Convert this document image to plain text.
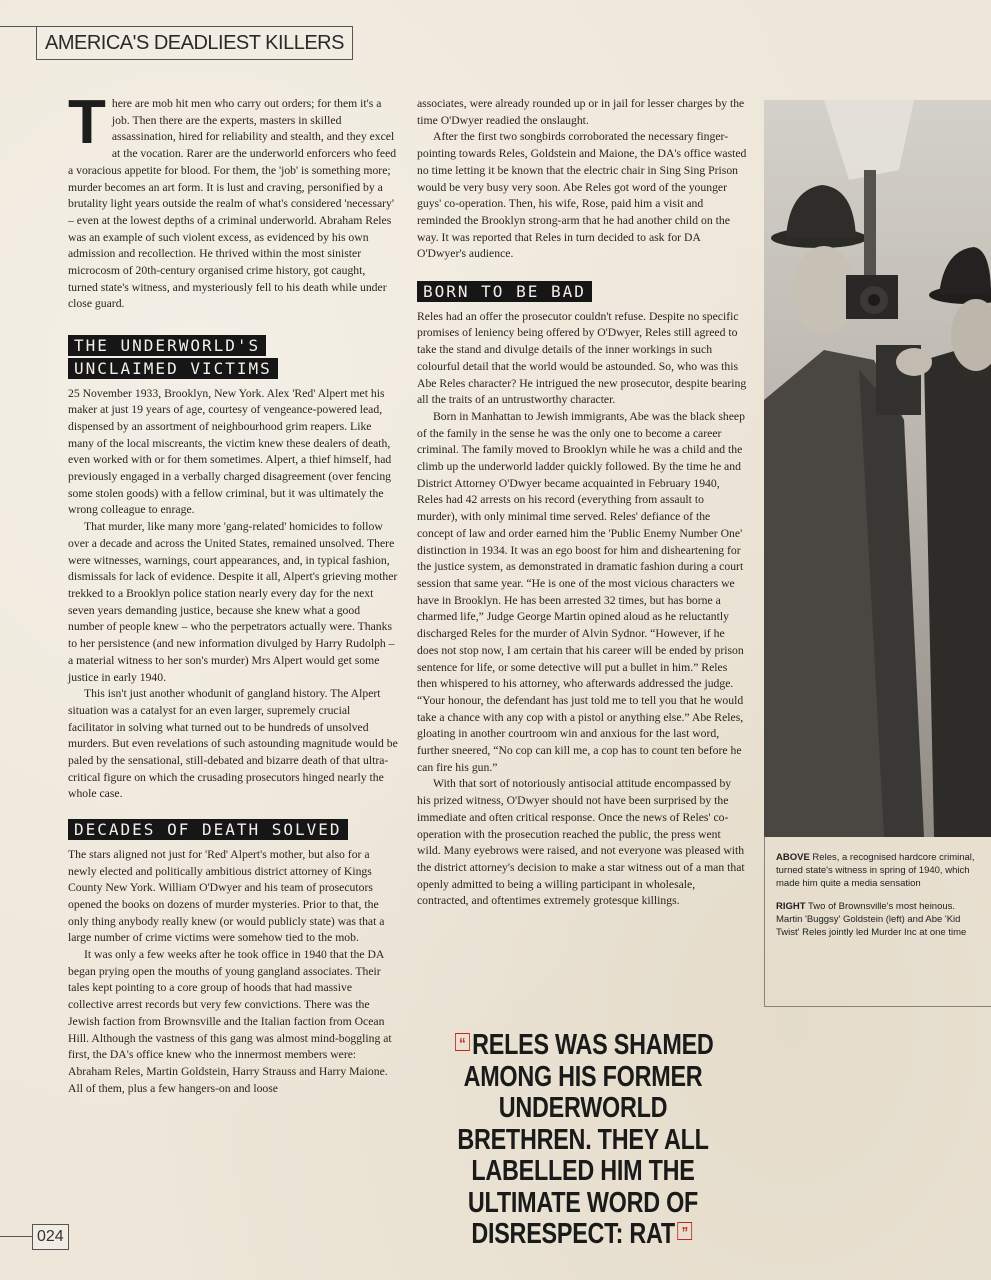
AMERICA'S DEADLIEST KILLERS

There are mob hit men who carry out orders; for them it's a job. Then there are the experts, masters in skilled assassination, hired for reliability and stealth, and they excel at the vocation. Rarer are the underworld enforcers who feed a voracious appetite for blood. For them, the 'job' is something more; murder becomes an art form. It is lust and craving, personified by a brutality light years outside the realm of what's considered 'necessary' – even at the lowest depths of a criminal underworld. Abraham Reles was an example of such violent excess, as evidenced by his own admission and recollection. He thrived within the most sinister microcosm of 20th-century organised crime history, got caught, turned state's witness, and mysteriously fell to his death while under close guard.

THE UNDERWORLD'S
UNCLAIMED VICTIMS

25 November 1933, Brooklyn, New York. Alex 'Red' Alpert met his maker at just 19 years of age, courtesy of vengeance-powered lead, dispensed by an assortment of neighbourhood grim reapers. Like many of the local miscreants, the victim knew these dealers of death, even worked with or for them sometimes. Alpert, a thief himself, had previously engaged in a verbally charged disagreement (over fencing some stolen goods) with a fellow criminal, but it was ultimately the wrong colleague to enrage.

That murder, like many more 'gang-related' homicides to follow over a decade and across the United States, remained unsolved. There were witnesses, warnings, court appearances, and, in typical fashion, dismissals for lack of evidence. Despite it all, Alpert's grieving mother trekked to a Brooklyn police station nearly every day for the next seven years demanding justice, because she knew what a good number of people knew – who the perpetrators actually were. Thanks to her persistence (and new information divulged by Harry Rudolph – a material witness to her son's murder) Mrs Alpert would get some justice in early 1940.

This isn't just another whodunit of gangland history. The Alpert situation was a catalyst for an even larger, supremely crucial facilitator in solving what turned out to be hundreds of unsolved murders. But even revelations of such astounding magnitude would be paled by the sensational, still-debated and bizarre death of that ultra-critical figure on which the crusading prosecutors hinged nearly the whole case.

DECADES OF DEATH SOLVED

The stars aligned not just for 'Red' Alpert's mother, but also for a newly elected and politically ambitious district attorney of Kings County New York. William O'Dwyer and his team of prosecutors opened the books on dozens of murder mysteries. Prior to that, the only thing anybody really knew (or would publicly state) was that a large number of crime victims were somehow tied to the mob.

It was only a few weeks after he took office in 1940 that the DA began prying open the mouths of young gangland associates. Their tales kept pointing to a core group of hoods that had massive collective arrest records but very few convictions. There was the Jewish faction from Brownsville and the Italian faction from Ocean Hill. Although the vastness of this gang was almost mind-boggling at first, the DA's office knew who the innermost members were: Abraham Reles, Martin Goldstein, Harry Strauss and Harry Maione. All of them, plus a few hangers-on and loose

associates, were already rounded up or in jail for lesser charges by the time O'Dwyer readied the onslaught.

After the first two songbirds corroborated the necessary finger-pointing towards Reles, Goldstein and Maione, the DA's office wasted no time letting it be known that the electric chair in Sing Sing Prison would be very busy very soon. Abe Reles got word of the younger guys' co-operation. Then, his wife, Rose, paid him a visit and reminded the Brooklyn strong-arm that he had another child on the way. It was reported that Reles in turn decided to ask for DA O'Dwyer's audience.

BORN TO BE BAD

Reles had an offer the prosecutor couldn't refuse. Despite no specific promises of leniency being offered by O'Dwyer, Reles still agreed to take the stand and divulge details of the inner workings in such colourful detail that the world would be astounded. So, who was this Abe Reles character? He intrigued the new prosecutor, despite bearing all the traits of an untrustworthy character.

Born in Manhattan to Jewish immigrants, Abe was the black sheep of the family in the sense he was the only one to become a career criminal. The family moved to Brooklyn while he was a child and the climb up the underworld ladder quickly followed. By the time he and District Attorney O'Dwyer became acquainted in February 1940, Reles had 42 arrests on his record (everything from assault to murder), with only minimal time served. Reles' defiance of the concept of law and order earned him the 'Public Enemy Number One' distinction in 1934. It was an ego boost for him and disheartening for the justice system, as demonstrated in dramatic fashion during a court session that same year. “He is one of the most vicious characters we have in Brooklyn. He has been arrested 32 times, but has borne a charmed life,” Judge George Martin opined aloud as he reluctantly discharged Reles for the murder of Alvin Sydnor. “However, if he does not stop now, I am certain that his career will be ended by prison sentence for life, or some detective will put a bullet in him.” Reles then whispered to his attorney, who afterwards addressed the judge. “Your honour, the defendant has just told me to tell you that he would take a chance with any cop with a pistol or anything else.” Abe Reles, gloating in another courtroom win and anxious for the last word, further sneered, “No cop can kill me, a cop has to count ten before he can fire his gun.”

With that sort of notoriously antisocial attitude encompassed by his prized witness, O'Dwyer should not have been surprised by the immediate and often critical response. Once the news of Reles' co-operation with the prosecution reached the public, the press went wild. Many eyebrows were raised, and not everyone was pleased with the district attorney's decision to make a star witness out of a man that openly admitted to being a willing participant in wholesale, contracted, and oftentimes extremely grotesque killings.

“ RELES WAS SHAMED AMONG HIS FORMER UNDERWORLD BRETHREN. THEY ALL LABELLED HIM THE ULTIMATE WORD OF DISRESPECT: RAT ”

ABOVE Reles, a recognised hardcore criminal, turned state's witness in spring of 1940, which made him quite a media sensation

RIGHT Two of Brownsville's most heinous. Martin 'Buggsy' Goldstein (left) and Abe 'Kid Twist' Reles jointly led Murder Inc at one time

024
